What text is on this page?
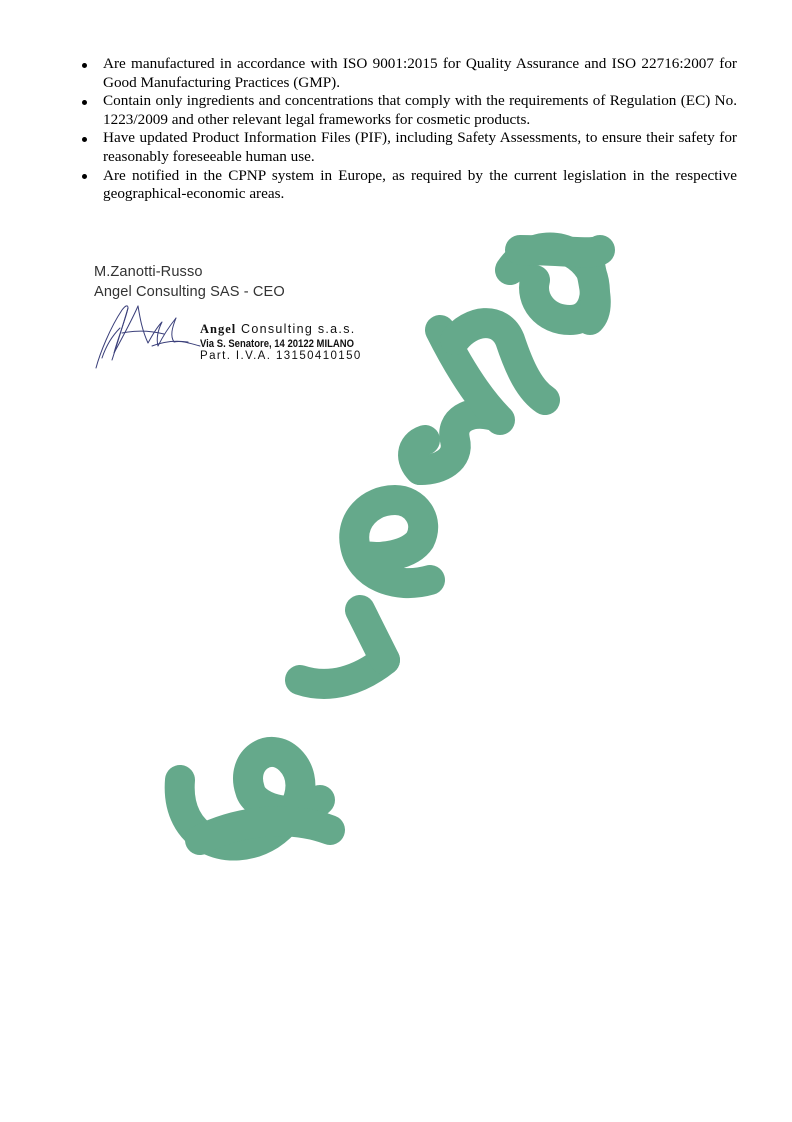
Are manufactured in accordance with ISO 9001:2015 for Quality Assurance and ISO 22716:2007 for Good Manufacturing Practices (GMP).
Contain only ingredients and concentrations that comply with the requirements of Regulation (EC) No. 1223/2009 and other relevant legal frameworks for cosmetic products.
Have updated Product Information Files (PIF), including Safety Assessments, to ensure their safety for reasonably foreseeable human use.
Are notified in the CPNP system in Europe, as required by the current legislation in the respective geographical-economic areas.
M.Zanotti-Russo
Angel Consulting SAS - CEO
Angel Consulting s.a.s.
Via S. Senatore, 14 20122 MILANO
Part. I.V.A. 13150410150
